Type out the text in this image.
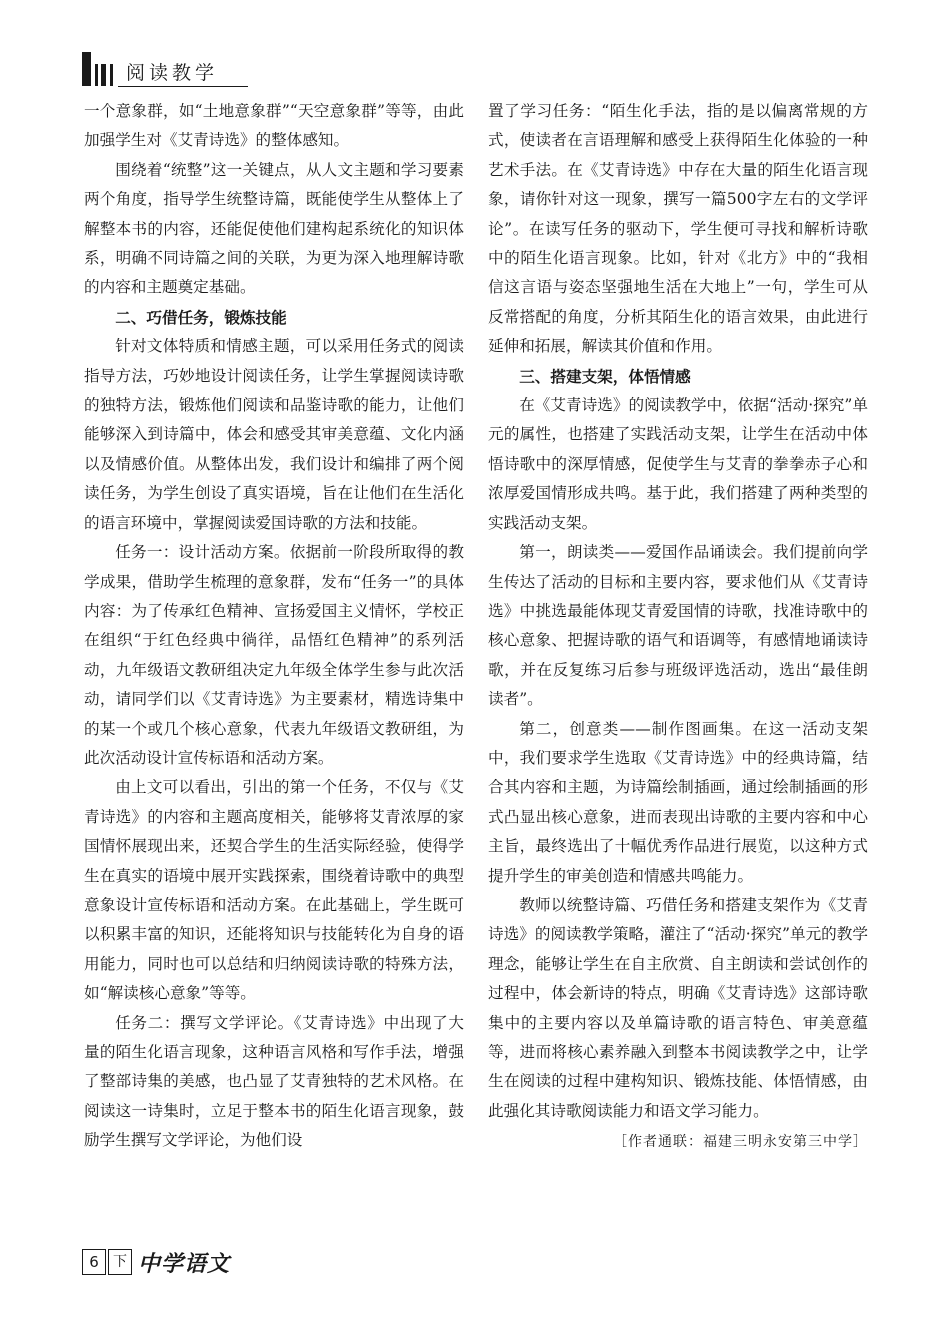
阅读教学

一个意象群，如“土地意象群”“天空意象群”等等，由此加强学生对《艾青诗选》的整体感知。

围绕着“统整”这一关键点，从人文主题和学习要素两个角度，指导学生统整诗篇，既能使学生从整体上了解整本书的内容，还能促使他们建构起系统化的知识体系，明确不同诗篇之间的关联，为更为深入地理解诗歌的内容和主题奠定基础。

二、巧借任务，锻炼技能

针对文体特质和情感主题，可以采用任务式的阅读指导方法，巧妙地设计阅读任务，让学生掌握阅读诗歌的独特方法，锻炼他们阅读和品鉴诗歌的能力，让他们能够深入到诗篇中，体会和感受其审美意蕴、文化内涵以及情感价值。从整体出发，我们设计和编排了两个阅读任务，为学生创设了真实语境，旨在让他们在生活化的语言环境中，掌握阅读爱国诗歌的方法和技能。

任务一：设计活动方案。依据前一阶段所取得的教学成果，借助学生梳理的意象群，发布“任务一”的具体内容：为了传承红色精神、宣扬爱国主义情怀，学校正在组织“于红色经典中徜徉，品悟红色精神”的系列活动，九年级语文教研组决定九年级全体学生参与此次活动，请同学们以《艾青诗选》为主要素材，精选诗集中的某一个或几个核心意象，代表九年级语文教研组，为此次活动设计宣传标语和活动方案。

由上文可以看出，引出的第一个任务，不仅与《艾青诗选》的内容和主题高度相关，能够将艾青浓厚的家国情怀展现出来，还契合学生的生活实际经验，使得学生在真实的语境中展开实践探索，围绕着诗歌中的典型意象设计宣传标语和活动方案。在此基础上，学生既可以积累丰富的知识，还能将知识与技能转化为自身的语用能力，同时也可以总结和归纳阅读诗歌的特殊方法，如“解读核心意象”等等。

任务二：撰写文学评论。《艾青诗选》中出现了大量的陌生化语言现象，这种语言风格和写作手法，增强了整部诗集的美感，也凸显了艾青独特的艺术风格。在阅读这一诗集时，立足于整本书的陌生化语言现象，鼓励学生撰写文学评论，为他们设

置了学习任务：“陌生化手法，指的是以偏离常规的方式，使读者在言语理解和感受上获得陌生化体验的一种艺术手法。在《艾青诗选》中存在大量的陌生化语言现象，请你针对这一现象，撰写一篇500字左右的文学评论”。在读写任务的驱动下，学生便可寻找和解析诗歌中的陌生化语言现象。比如，针对《北方》中的“我相信这言语与姿态坚强地生活在大地上”一句，学生可从反常搭配的角度，分析其陌生化的语言效果，由此进行延伸和拓展，解读其价值和作用。

三、搭建支架，体悟情感

在《艾青诗选》的阅读教学中，依据“活动·探究”单元的属性，也搭建了实践活动支架，让学生在活动中体悟诗歌中的深厚情感，促使学生与艾青的拳拳赤子心和浓厚爱国情形成共鸣。基于此，我们搭建了两种类型的实践活动支架。

第一，朗读类——爱国作品诵读会。我们提前向学生传达了活动的目标和主要内容，要求他们从《艾青诗选》中挑选最能体现艾青爱国情的诗歌，找准诗歌中的核心意象、把握诗歌的语气和语调等，有感情地诵读诗歌，并在反复练习后参与班级评选活动，选出“最佳朗读者”。

第二，创意类——制作图画集。在这一活动支架中，我们要求学生选取《艾青诗选》中的经典诗篇，结合其内容和主题，为诗篇绘制插画，通过绘制插画的形式凸显出核心意象，进而表现出诗歌的主要内容和中心主旨，最终选出了十幅优秀作品进行展览，以这种方式提升学生的审美创造和情感共鸣能力。

教师以统整诗篇、巧借任务和搭建支架作为《艾青诗选》的阅读教学策略，灌注了“活动·探究”单元的教学理念，能够让学生在自主欣赏、自主朗读和尝试创作的过程中，体会新诗的特点，明确《艾青诗选》这部诗歌集中的主要内容以及单篇诗歌的语言特色、审美意蕴等，进而将核心素养融入到整本书阅读教学之中，让学生在阅读的过程中建构知识、锻炼技能、体悟情感，由此强化其诗歌阅读能力和语文学习能力。

［作者通联：福建三明永安第三中学］
6	下 中学语文
